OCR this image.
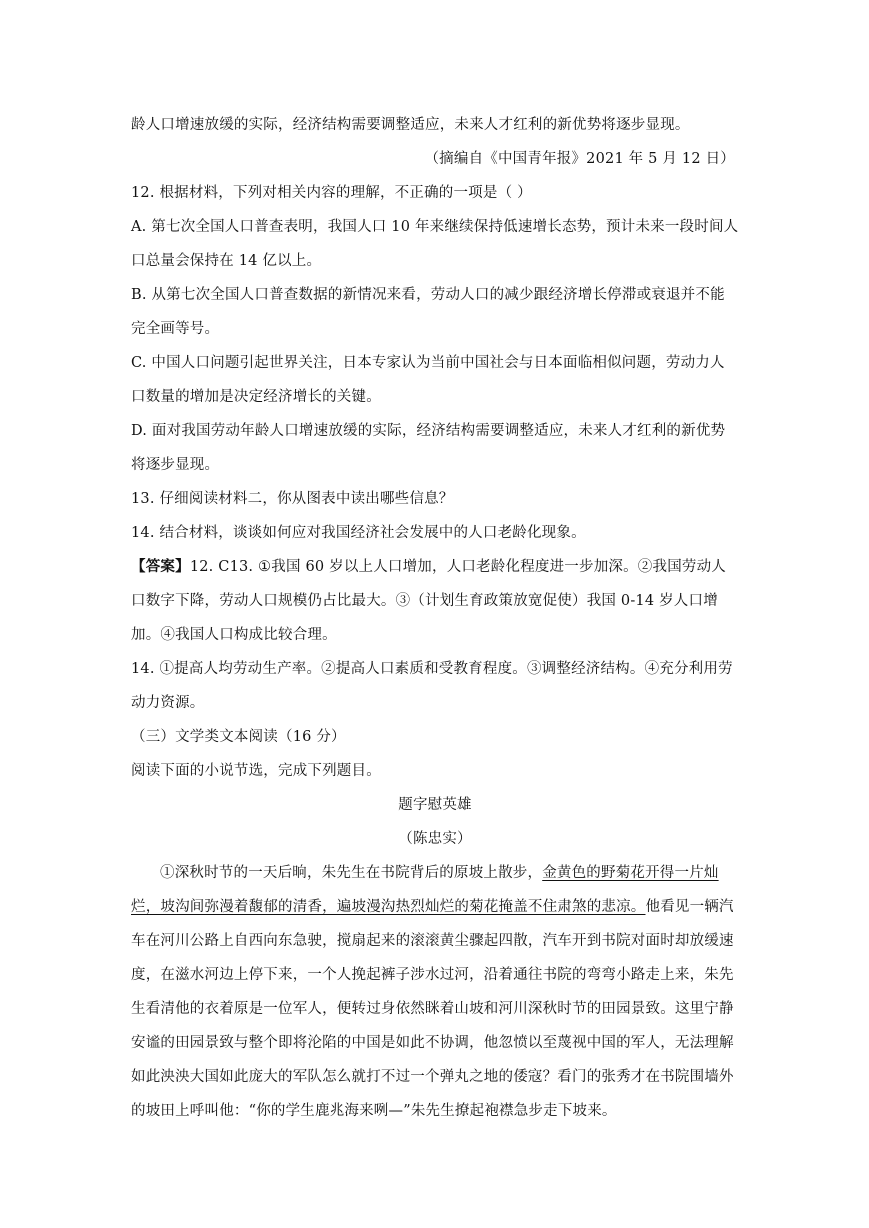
龄人口增速放缓的实际，经济结构需要调整适应，未来人才红利的新优势将逐步显现。

（摘编自《中国青年报》2021 年 5 月 12 日）

12. 根据材料，下列对相关内容的理解，不正确的一项是（ ）

A. 第七次全国人口普查表明，我国人口 10 年来继续保持低速增长态势，预计未来一段时间人口总量会保持在 14 亿以上。

B. 从第七次全国人口普查数据的新情况来看，劳动人口的减少跟经济增长停滞或衰退并不能完全画等号。

C. 中国人口问题引起世界关注，日本专家认为当前中国社会与日本面临相似问题，劳动力人口数量的增加是决定经济增长的关键。

D. 面对我国劳动年龄人口增速放缓的实际，经济结构需要调整适应，未来人才红利的新优势将逐步显现。

13. 仔细阅读材料二，你从图表中读出哪些信息？

14. 结合材料，谈谈如何应对我国经济社会发展中的人口老龄化现象。

【答案】12. C13. ①我国 60 岁以上人口增加，人口老龄化程度进一步加深。②我国劳动人口数字下降，劳动人口规模仍占比最大。③（计划生育政策放宽促使）我国 0-14 岁人口增加。④我国人口构成比较合理。

14. ①提高人均劳动生产率。②提高人口素质和受教育程度。③调整经济结构。④充分利用劳动力资源。

（三）文学类文本阅读（16 分）

阅读下面的小说节选，完成下列题目。

题字慰英雄

（陈忠实）

①深秋时节的一天后晌，朱先生在书院背后的原坡上散步，金黄色的野菊花开得一片灿烂，坡沟间弥漫着馥郁的清香，遍坡漫沟热烈灿烂的菊花掩盖不住肃煞的悲凉。他看见一辆汽车在河川公路上自西向东急驶，搅扇起来的滚滚黄尘骤起四散，汽车开到书院对面时却放缓速度，在滋水河边上停下来，一个人挽起裤子涉水过河，沿着通往书院的弯弯小路走上来，朱先生看清他的衣着原是一位军人，便转过身依然眯着山坡和河川深秋时节的田园景致。这里宁静安谧的田园景致与整个即将沦陷的中国是如此不协调，他忽愤以至蔑视中国的军人，无法理解如此泱泱大国如此庞大的军队怎么就打不过一个弹丸之地的倭寇？看门的张秀才在书院围墙外的坡田上呼叫他：“你的学生鹿兆海来咧—”朱先生撩起袍襟急步走下坡来。
